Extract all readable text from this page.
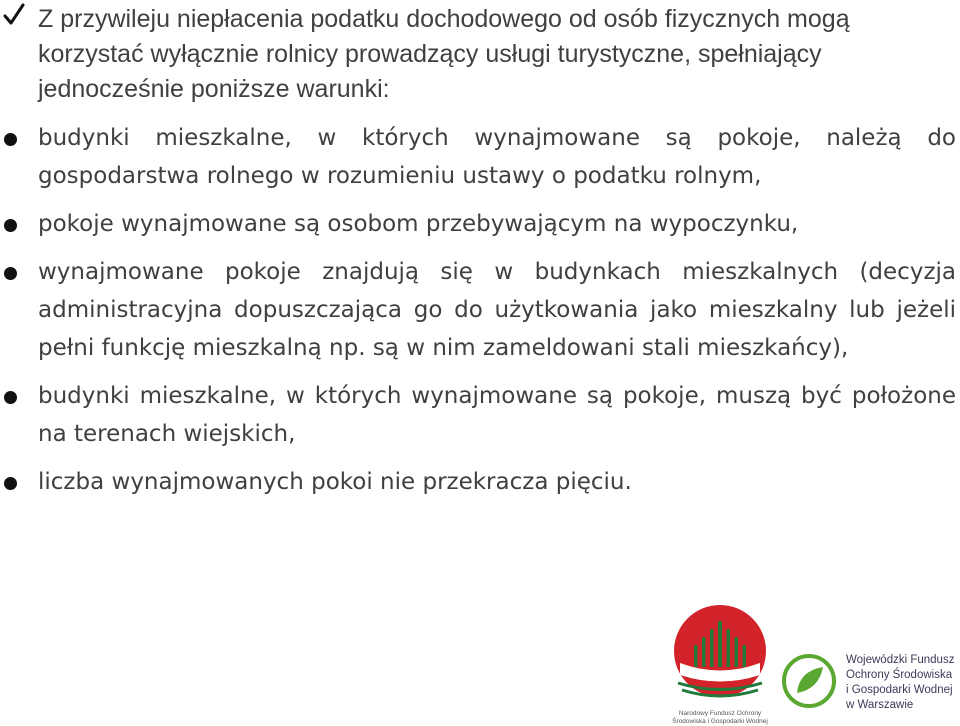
Z przywileju niepłacenia podatku dochodowego od osób fizycznych mogą korzystać wyłącznie rolnicy prowadzący usługi turystyczne, spełniający jednocześnie poniższe warunki:

budynki mieszkalne, w których wynajmowane są pokoje, należą do gospodarstwa rolnego w rozumieniu ustawy o podatku rolnym,
pokoje wynajmowane są osobom przebywającym na wypoczynku,
wynajmowane pokoje znajdują się w budynkach mieszkalnych (decyzja administracyjna dopuszczająca go do użytkowania jako mieszkalny lub jeżeli pełni funkcję mieszkalną np. są w nim zameldowani stali mieszkańcy),
budynki mieszkalne, w których wynajmowane są pokoje, muszą być położone na terenach wiejskich,
liczba wynajmowanych pokoi nie przekracza pięciu.
Narodowy Fundusz Ochrony
Środowiska i Gospodarki Wodnej
Wojewódzki Fundusz
Ochrony Środowiska
i Gospodarki Wodnej
w Warszawie
